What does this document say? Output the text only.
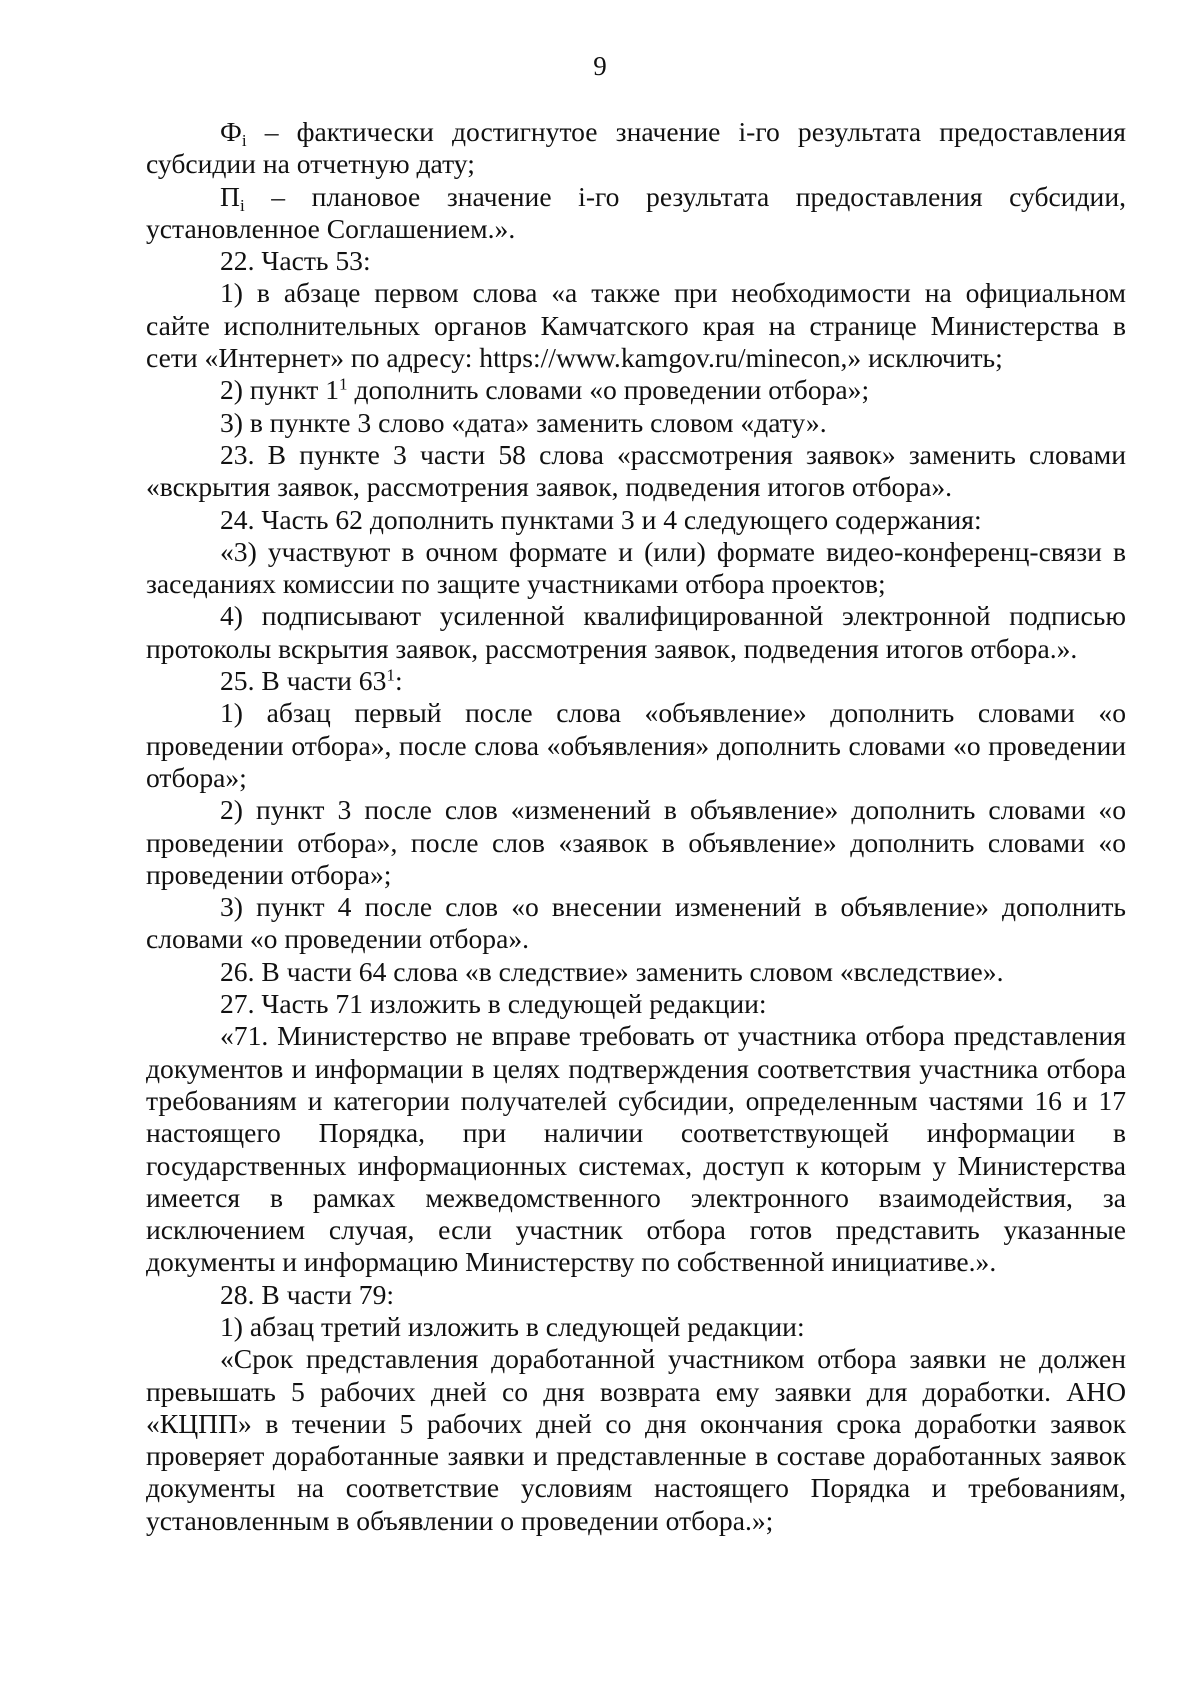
9

$Ф_i$ – фактически достигнутое значение i-го результата предоставления субсидии на отчетную дату;

$П_i$ – плановое значение i-го результата предоставления субсидии, установленное Соглашением.».

22. Часть 53:

1) в абзаце первом слова «а также при необходимости на официальном сайте исполнительных органов Камчатского края на странице Министерства в сети «Интернет» по адресу: https://www.kamgov.ru/minecon,» исключить;

2) пункт $1^1$ дополнить словами «о проведении отбора»;

3) в пункте 3 слово «дата» заменить словом «дату».

23. В пункте 3 части 58 слова «рассмотрения заявок» заменить словами «вскрытия заявок, рассмотрения заявок, подведения итогов отбора».

24. Часть 62 дополнить пунктами 3 и 4 следующего содержания:

«3) участвуют в очном формате и (или) формате видео-конференц-связи в заседаниях комиссии по защите участниками отбора проектов;

4) подписывают усиленной квалифицированной электронной подписью протоколы вскрытия заявок, рассмотрения заявок, подведения итогов отбора.».

25. В части $63^1$:

1) абзац первый после слова «объявление» дополнить словами «о проведении отбора», после слова «объявления» дополнить словами «о проведении отбора»;

2) пункт 3 после слов «изменений в объявление» дополнить словами «о проведении отбора», после слов «заявок в объявление» дополнить словами «о проведении отбора»;

3) пункт 4 после слов «о внесении изменений в объявление» дополнить словами «о проведении отбора».

26. В части 64 слова «в следствие» заменить словом «вследствие».

27. Часть 71 изложить в следующей редакции:

«71. Министерство не вправе требовать от участника отбора представления документов и информации в целях подтверждения соответствия участника отбора требованиям и категории получателей субсидии, определенным частями 16 и 17 настоящего Порядка, при наличии соответствующей информации в государственных информационных системах, доступ к которым у Министерства имеется в рамках межведомственного электронного взаимодействия, за исключением случая, если участник отбора готов представить указанные документы и информацию Министерству по собственной инициативе.».

28. В части 79:

1) абзац третий изложить в следующей редакции:

«Срок представления доработанной участником отбора заявки не должен превышать 5 рабочих дней со дня возврата ему заявки для доработки. АНО «КЦПП» в течении 5 рабочих дней со дня окончания срока доработки заявок проверяет доработанные заявки и представленные в составе доработанных заявок документы на соответствие условиям настоящего Порядка и требованиям, установленным в объявлении о проведении отбора.»;
